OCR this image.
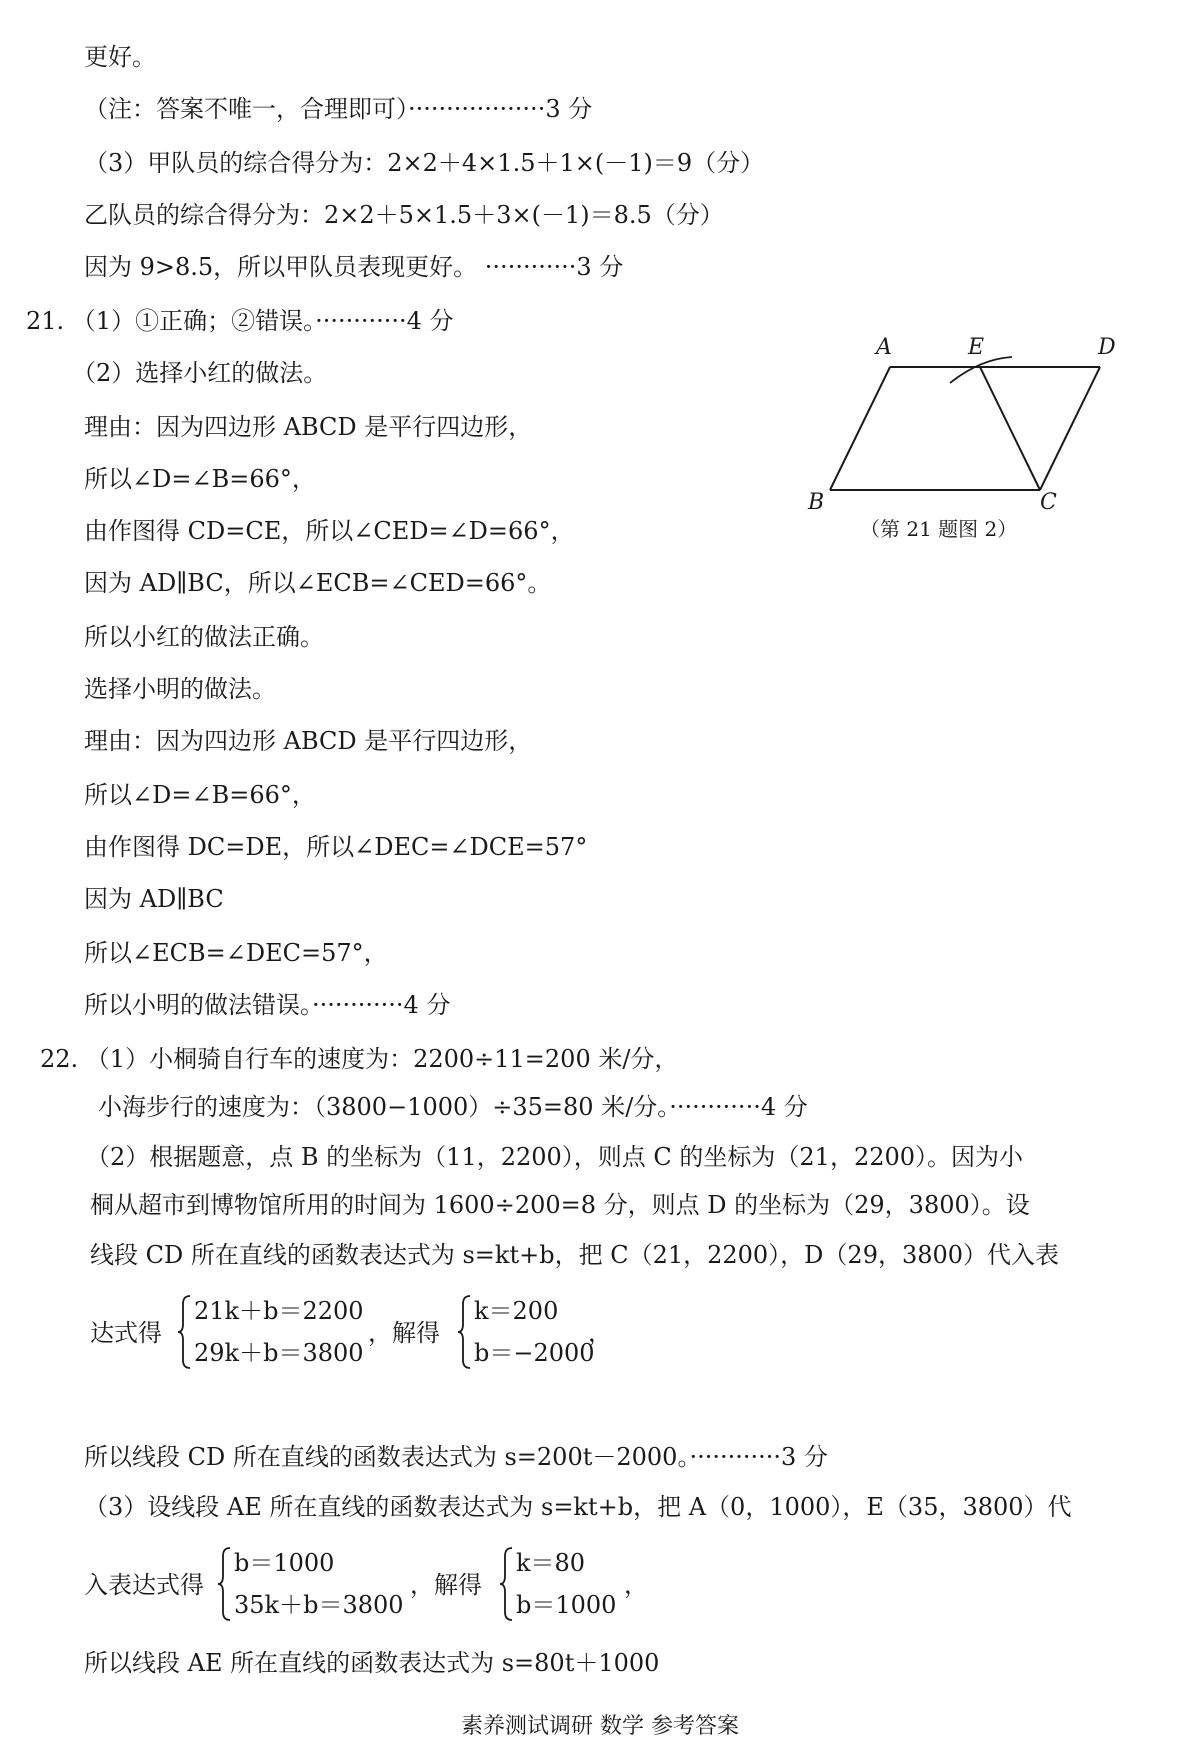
更好。
（注：答案不唯一，合理即可）··················3 分
（3）甲队员的综合得分为：2×2＋4×1.5＋1×(－1)＝9（分）
乙队员的综合得分为：2×2＋5×1.5＋3×(－1)＝8.5（分）
因为 9>8.5，所以甲队员表现更好。 ············3 分
21. （1）①正确；②错误。············4 分
（2）选择小红的做法。
理由：因为四边形 ABCD 是平行四边形，
所以∠D=∠B=66°，
由作图得 CD=CE，所以∠CED=∠D=66°，
因为 AD∥BC，所以∠ECB=∠CED=66°。
所以小红的做法正确。
选择小明的做法。
理由：因为四边形 ABCD 是平行四边形，
所以∠D=∠B=66°，
由作图得 DC=DE，所以∠DEC=∠DCE=57°
因为 AD∥BC
所以∠ECB=∠DEC=57°，
所以小明的做法错误。············4 分
22. （1）小桐骑自行车的速度为：2200÷11=200 米/分，
小海步行的速度为：（3800−1000）÷35=80 米/分。············4 分
（2）根据题意，点 B 的坐标为（11，2200），则点 C 的坐标为（21，2200）。因为小
桐从超市到博物馆所用的时间为 1600÷200=8 分，则点 D 的坐标为（29，3800）。设
线段 CD 所在直线的函数表达式为 s=kt+b，把 C（21，2200），D（29，3800）代入表
达式得
21k＋b＝2200
29k＋b＝3800
，解得
k＝200
b＝−2000
，
所以线段 CD 所在直线的函数表达式为 s=200t－2000。············3 分
（3）设线段 AE 所在直线的函数表达式为 s=kt+b，把 A（0，1000），E（35，3800）代
入表达式得
b＝1000
35k＋b＝3800
，解得
k＝80
b＝1000
，
所以线段 AE 所在直线的函数表达式为 s=80t＋1000
A	E	D
B	C
（第 21 题图 2）
素养测试调研 数学 参考答案
